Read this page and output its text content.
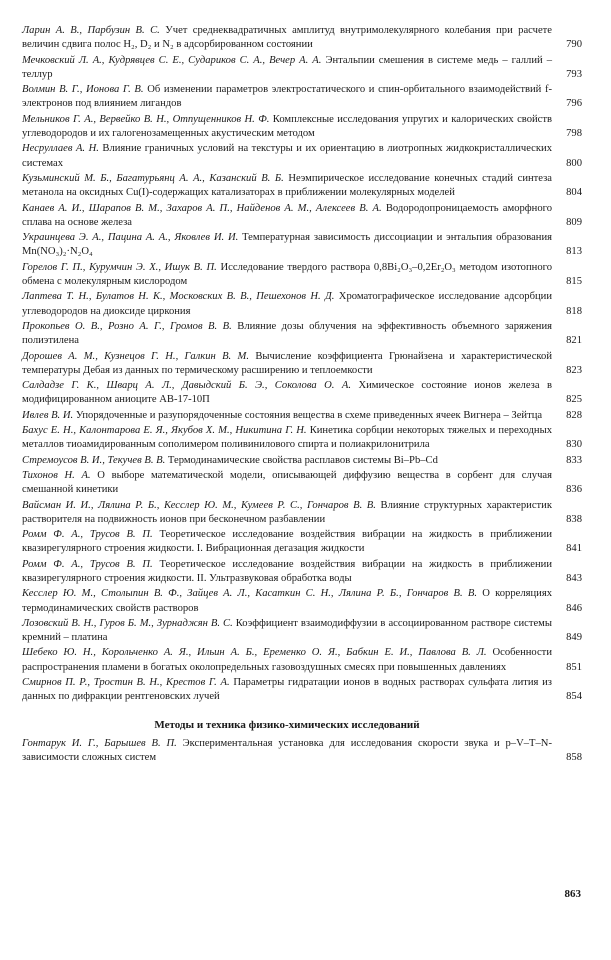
Ларин А. В., Парбузин В. С. Учет среднеквадратичных амплитуд внутримолекулярного колебания при расчете величин сдвига полос H₂, D₂ и N₂ в адсорбированном состоянии	790
Мечковский Л. А., Кудрявцев С. Е., Судариков С. А., Вечер А. А. Энтальпии смешения в системе медь – галлий – теллур	793
Волмин В. Г., Ионова Г. В. Об изменении параметров электростатического и спин-орбитального взаимодействий f-электронов под влиянием лигандов	796
Мельников Г. А., Вервейко В. Н., Отпущенников Н. Ф. Комплексные исследования упругих и калорических свойств углеводородов и их галогенозамещенных акустическим методом	798
Несруллаев А. Н. Влияние граничных условий на текстуры и их ориентацию в лиотропных жидкокристаллических системах	800
Кузьминский М. Б., Багатурьянц А. А., Казанский В. Б. Неэмпирическое исследование конечных стадий синтеза метанола на оксидных Cu(I)-содержащих катализаторах в приближении молекулярных моделей	804
Канаев А. И., Шарапов В. М., Захаров А. П., Найденов А. М., Алексеев В. А. Водородопроницаемость аморфного сплава на основе железа	809
Украинцева Э. А., Пацина А. А., Яковлев И. И. Температурная зависимость диссоциации и энтальпия образования Mn(NO₃)₂·N₂O₄	813
Горелов Г. П., Курумчин Э. Х., Ишук В. П. Исследование твердого раствора 0,8Bi₂O₃–0,2Er₂O₃ методом изотопного обмена с молекулярным кислородом	815
Лаптева Т. Н., Булатов Н. К., Московских В. В., Пешехонов Н. Д. Хроматографическое исследование адсорбции углеводородов на диоксиде циркония	818
Прокопьев О. В., Розно А. Г., Громов В. В. Влияние дозы облучения на эффективность объемного заряжения полиэтилена	821
Дорошев А. М., Кузнецов Г. Н., Галкин В. М. Вычисление коэффициента Грюнайзена и характеристической температуры Дебая из данных по термическому расширению и теплоемкости	823
Салдадзе Г. К., Шварц А. Л., Давыдский Б. Э., Соколова О. А. Химическое состояние ионов железа в модифицированном аниоците АВ-17-10П	825
Ивлев В. И. Упорядоченные и разупорядоченные состояния вещества в схеме приведенных ячеек Вигнера – Зейтца	828
Бахус Е. Н., Калонтарова Е. Я., Якубов Х. М., Никитина Г. Н. Кинетика сорбции некоторых тяжелых и переходных металлов тиоамидированным сополимером поливинилового спирта и полиакрилонитрила	830
Стремоусов В. И., Текучев В. В. Термодинамические свойства расплавов системы Bi–Pb–Cd	833
Тихонов Н. А. О выборе математической модели, описывающей диффузию вещества в сорбент для случая смешанной кинетики	836
Вайсман И. И., Лялина Р. Б., Кесслер Ю. М., Кумеев Р. С., Гончаров В. В. Влияние структурных характеристик растворителя на подвижность ионов при бесконечном разбавлении	838
Ромм Ф. А., Трусов В. П. Теоретическое исследование воздействия вибрации на жидкость в приближении квазирегулярного строения жидкости. I. Вибрационная дегазация жидкости	841
Ромм Ф. А., Трусов В. П. Теоретическое исследование воздействия вибрации на жидкость в приближении квазирегулярного строения жидкости. II. Ультразвуковая обработка воды	843
Кесслер Ю. М., Столыпин В. Ф., Зайцев А. Л., Касаткин С. Н., Лялина Р. Б., Гончаров В. В. О корреляциях термодинамических свойств растворов	846
Лозовский В. Н., Гуров Б. М., Зурнаджян В. С. Коэффициент взаимодиффузии в ассоциированном растворе системы кремний – платина	849
Шебеко Ю. Н., Корольченко А. Я., Ильин А. Б., Еременко О. Я., Бабкин Е. И., Павлова В. Л. Особенности распространения пламени в богатых околопредельных газовоздушных смесях при повышенных давлениях	851
Смирнов П. Р., Тростин В. Н., Крестов Г. А. Параметры гидратации ионов в водных растворах сульфата лития из данных по дифракции рентгеновских лучей	854
Методы и техника физико-химических исследований
Гонтарук И. Г., Барышев В. П. Экспериментальная установка для исследования скорости звука и p–V–T–N-зависимости сложных систем	858
863
